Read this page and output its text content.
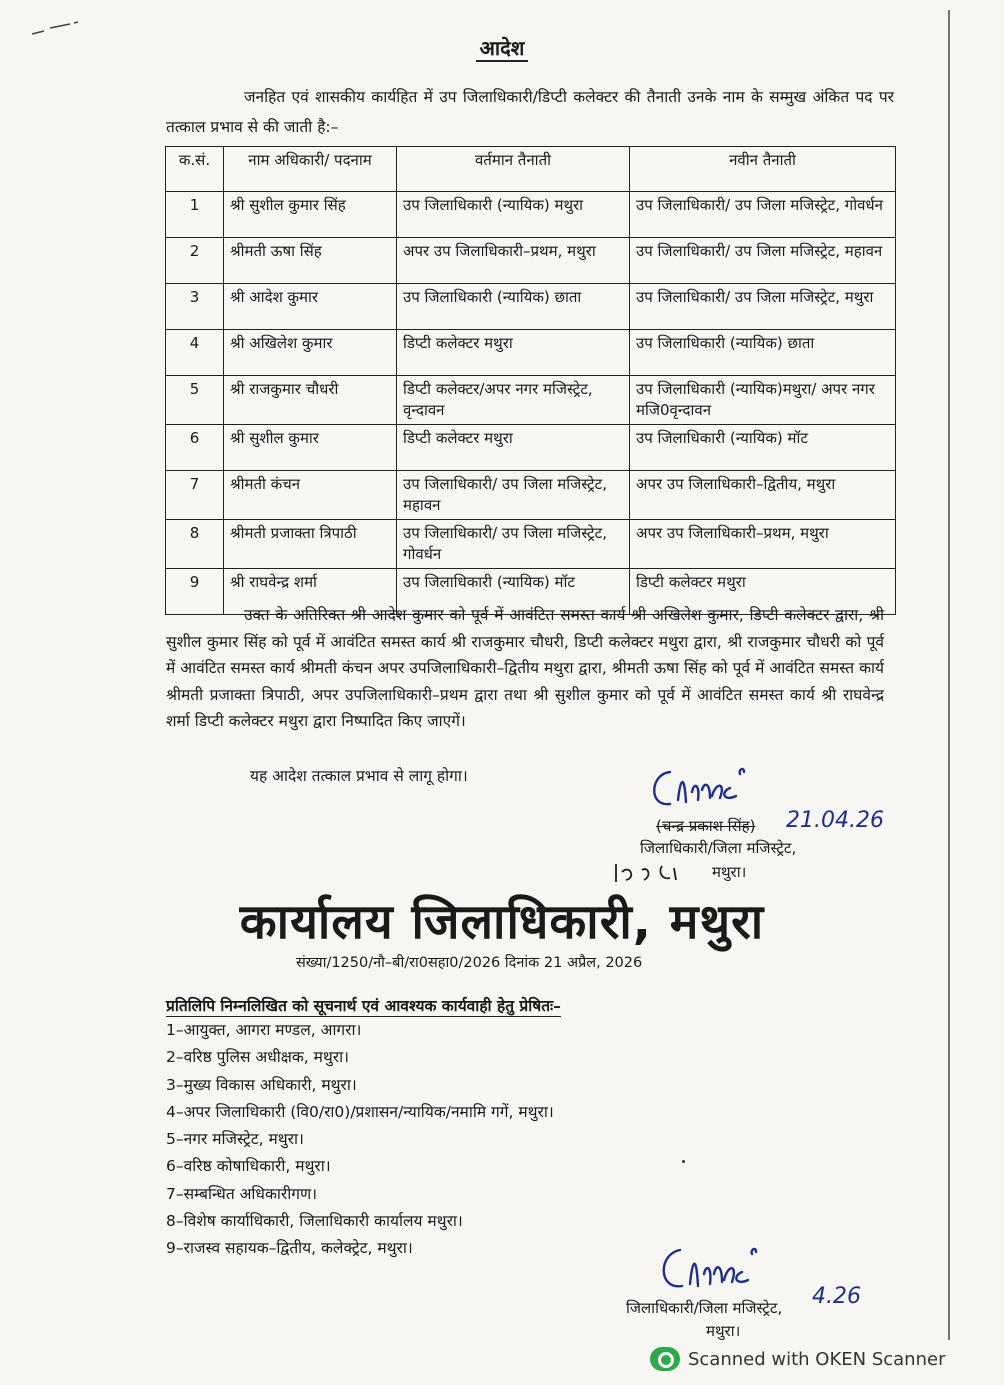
आदेश
जनहित एवं शासकीय कार्यहित में उप जिलाधिकारी/डिप्टी कलेक्टर की तैनाती उनके नाम के सम्मुख अंकित पद पर तत्काल प्रभाव से की जाती है:–
क.सं.	नाम अधिकारी/ पदनाम	वर्तमान तैनाती	नवीन तैनाती
1	श्री सुशील कुमार सिंह	उप जिलाधिकारी (न्यायिक) मथुरा	उप जिलाधिकारी/ उप जिला मजिस्ट्रेट, गोवर्धन
2	श्रीमती ऊषा सिंह	अपर उप जिलाधिकारी–प्रथम, मथुरा	उप जिलाधिकारी/ उप जिला मजिस्ट्रेट, महावन
3	श्री आदेश कुमार	उप जिलाधिकारी (न्यायिक) छाता	उप जिलाधिकारी/ उप जिला मजिस्ट्रेट, मथुरा
4	श्री अखिलेश कुमार	डिप्टी कलेक्टर मथुरा	उप जिलाधिकारी (न्यायिक) छाता
5	श्री राजकुमार चौधरी	डिप्टी कलेक्टर/अपर नगर मजिस्ट्रेट, वृन्दावन	उप जिलाधिकारी (न्यायिक)मथुरा/ अपर नगर मजि0वृन्दावन
6	श्री सुशील कुमार	डिप्टी कलेक्टर मथुरा	उप जिलाधिकारी (न्यायिक) मॉट
7	श्रीमती कंचन	उप जिलाधिकारी/ उप जिला मजिस्ट्रेट, महावन	अपर उप जिलाधिकारी–द्वितीय, मथुरा
8	श्रीमती प्रजाक्ता त्रिपाठी	उप जिलाधिकारी/ उप जिला मजिस्ट्रेट, गोवर्धन	अपर उप जिलाधिकारी–प्रथम, मथुरा
9	श्री राघवेन्द्र शर्मा	उप जिलाधिकारी (न्यायिक) मॉट	डिप्टी कलेक्टर मथुरा
उक्त के अतिरिक्त श्री आदेश कुमार को पूर्व में आवंटित समस्त कार्य श्री अखिलेश कुमार, डिप्टी कलेक्टर द्वारा, श्री सुशील कुमार सिंह को पूर्व में आवंटित समस्त कार्य श्री राजकुमार चौधरी, डिप्टी कलेक्टर मथुरा द्वारा, श्री राजकुमार चौधरी को पूर्व में आवंटित समस्त कार्य श्रीमती कंचन अपर उपजिलाधिकारी–द्वितीय मथुरा द्वारा, श्रीमती ऊषा सिंह को पूर्व में आवंटित समस्त कार्य श्रीमती प्रजाक्ता त्रिपाठी, अपर उपजिलाधिकारी–प्रथम द्वारा तथा श्री सुशील कुमार को पूर्व में आवंटित समस्त कार्य श्री राघवेन्द्र शर्मा डिप्टी कलेक्टर मथुरा द्वारा निष्पादित किए जाएगें।
यह आदेश तत्काल प्रभाव से लागू होगा।
(चन्द्र प्रकाश सिंह) 21.04.26
जिलाधिकारी/जिला मजिस्ट्रेट,
मथुरा।
कार्यालय जिलाधिकारी, मथुरा
संख्या/1250/नौ–बी/रा0सहा0/2026 दिनांक 21 अप्रैल, 2026
प्रतिलिपि निम्नलिखित को सूचनार्थ एवं आवश्यक कार्यवाही हेतु प्रेषितः–
1–आयुक्त, आगरा मण्डल, आगरा।
2–वरिष्ठ पुलिस अधीक्षक, मथुरा।
3–मुख्य विकास अधिकारी, मथुरा।
4–अपर जिलाधिकारी (वि0/रा0)/प्रशासन/न्यायिक/नमामि गगें, मथुरा।
5–नगर मजिस्ट्रेट, मथुरा।
6–वरिष्ठ कोषाधिकारी, मथुरा।
7–सम्बन्धित अधिकारीगण।
8–विशेष कार्याधिकारी, जिलाधिकारी कार्यालय मथुरा।
9–राजस्व सहायक–द्वितीय, कलेक्ट्रेट, मथुरा।
4.26
जिलाधिकारी/जिला मजिस्ट्रेट,
मथुरा।
Scanned with OKEN Scanner
